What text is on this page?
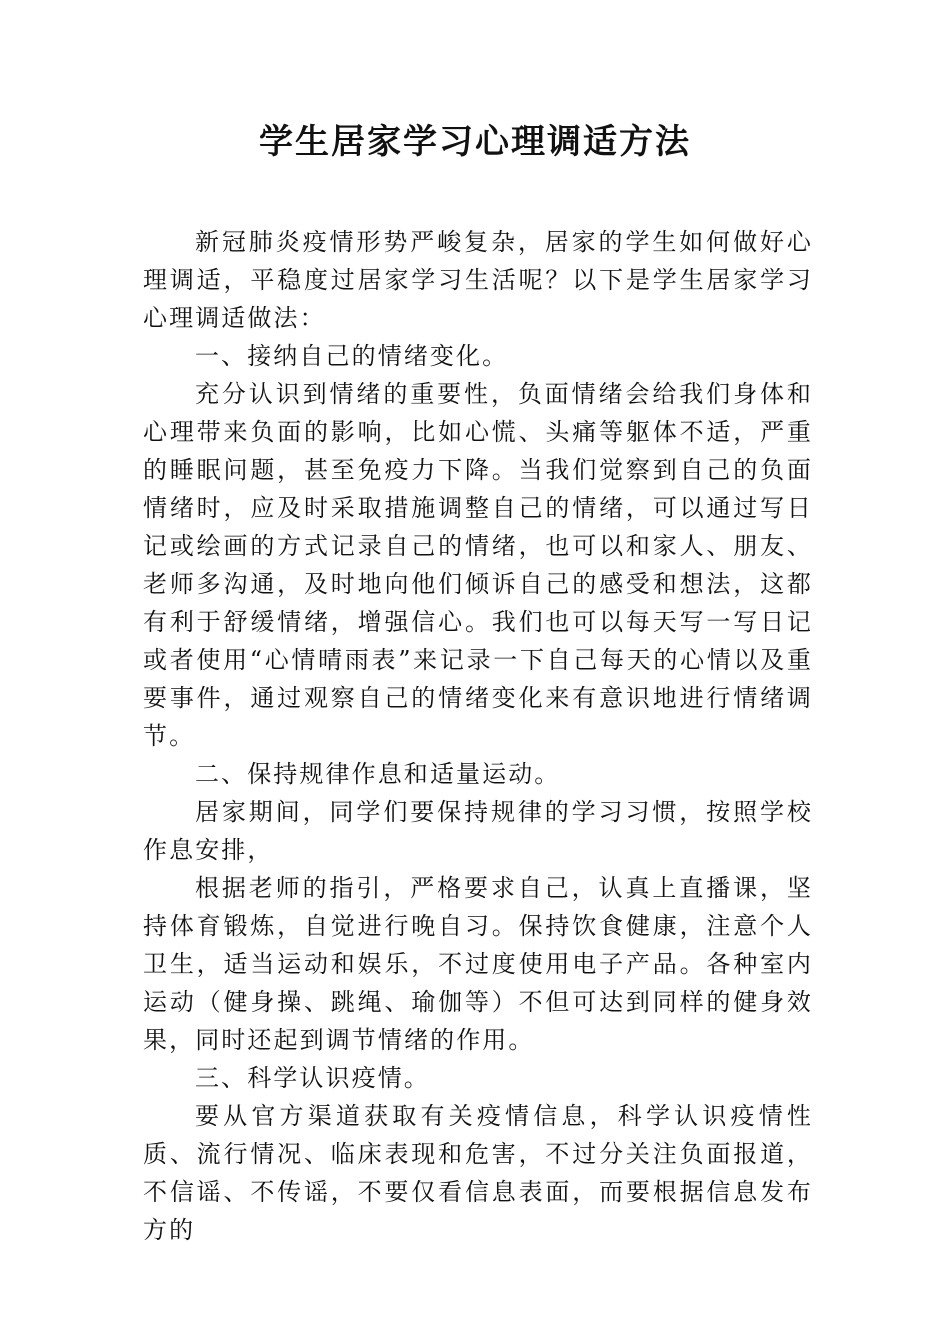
学生居家学习心理调适方法

新冠肺炎疫情形势严峻复杂，居家的学生如何做好心理调适，平稳度过居家学习生活呢？以下是学生居家学习心理调适做法：

一、接纳自己的情绪变化。

充分认识到情绪的重要性，负面情绪会给我们身体和心理带来负面的影响，比如心慌、头痛等躯体不适，严重的睡眠问题，甚至免疫力下降。当我们觉察到自己的负面情绪时，应及时采取措施调整自己的情绪，可以通过写日记或绘画的方式记录自己的情绪，也可以和家人、朋友、老师多沟通，及时地向他们倾诉自己的感受和想法，这都有利于舒缓情绪，增强信心。我们也可以每天写一写日记或者使用“心情晴雨表”来记录一下自己每天的心情以及重要事件，通过观察自己的情绪变化来有意识地进行情绪调节。

二、保持规律作息和适量运动。

居家期间，同学们要保持规律的学习习惯，按照学校作息安排，

根据老师的指引，严格要求自己，认真上直播课，坚持体育锻炼，自觉进行晚自习。保持饮食健康，注意个人卫生，适当运动和娱乐，不过度使用电子产品。各种室内运动（健身操、跳绳、瑜伽等）不但可达到同样的健身效果，同时还起到调节情绪的作用。

三、科学认识疫情。

要从官方渠道获取有关疫情信息，科学认识疫情性质、流行情况、临床表现和危害，不过分关注负面报道，不信谣、不传谣，不要仅看信息表面，而要根据信息发布方的
